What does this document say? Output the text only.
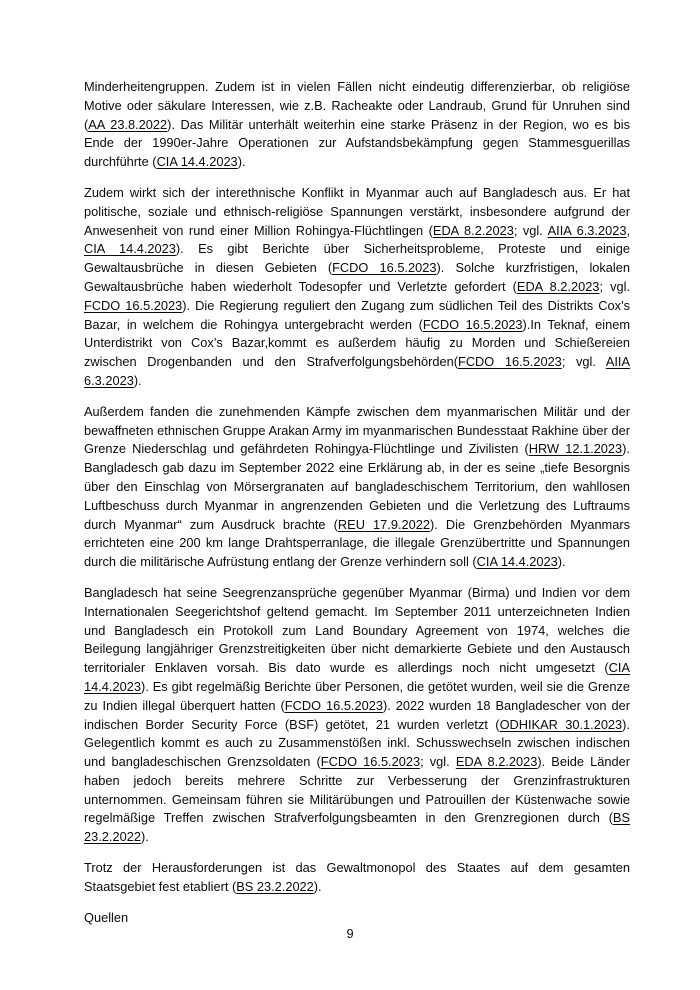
Minderheitengruppen. Zudem ist in vielen Fällen nicht eindeutig differenzierbar, ob religiöse Motive oder säkulare Interessen, wie z.B. Racheakte oder Landraub, Grund für Unruhen sind (AA 23.8.2022). Das Militär unterhält weiterhin eine starke Präsenz in der Region, wo es bis Ende der 1990er-Jahre Operationen zur Aufstandsbekämpfung gegen Stammesguerillas durchführte (CIA 14.4.2023).

Zudem wirkt sich der interethnische Konflikt in Myanmar auch auf Bangladesch aus. Er hat politische, soziale und ethnisch-religiöse Spannungen verstärkt, insbesondere aufgrund der Anwesenheit von rund einer Million Rohingya-Flüchtlingen (EDA 8.2.2023; vgl. AIIA 6.3.2023, CIA 14.4.2023). Es gibt Berichte über Sicherheitsprobleme, Proteste und einige Gewaltausbrüche in diesen Gebieten (FCDO 16.5.2023). Solche kurzfristigen, lokalen Gewaltausbrüche haben wiederholt Todesopfer und Verletzte gefordert (EDA 8.2.2023; vgl. FCDO 16.5.2023). Die Regierung reguliert den Zugang zum südlichen Teil des Distrikts Cox’s Bazar, in welchem die Rohingya untergebracht werden (FCDO 16.5.2023).In Teknaf, einem Unterdistrikt von Cox’s Bazar,kommt es außerdem häufig zu Morden und Schießereien zwischen Drogenbanden und den Strafverfolgungsbehörden(FCDO 16.5.2023; vgl. AIIA 6.3.2023).

Außerdem fanden die zunehmenden Kämpfe zwischen dem myanmarischen Militär und der bewaffneten ethnischen Gruppe Arakan Army im myanmarischen Bundesstaat Rakhine über der Grenze Niederschlag und gefährdeten Rohingya-Flüchtlinge und Zivilisten (HRW 12.1.2023). Bangladesch gab dazu im September 2022 eine Erklärung ab, in der es seine „tiefe Besorgnis über den Einschlag von Mörsergranaten auf bangladeschischem Territorium, den wahllosen Luftbeschuss durch Myanmar in angrenzenden Gebieten und die Verletzung des Luftraums durch Myanmar“ zum Ausdruck brachte (REU 17.9.2022). Die Grenzbehörden Myanmars errichteten eine 200 km lange Drahtsperranlage, die illegale Grenzübertritte und Spannungen durch die militärische Aufrüstung entlang der Grenze verhindern soll (CIA 14.4.2023).

Bangladesch hat seine Seegrenzansprüche gegenüber Myanmar (Birma) und Indien vor dem Internationalen Seegerichtshof geltend gemacht. Im September 2011 unterzeichneten Indien und Bangladesch ein Protokoll zum Land Boundary Agreement von 1974, welches die Beilegung langjähriger Grenzstreitigkeiten über nicht demarkierte Gebiete und den Austausch territorialer Enklaven vorsah. Bis dato wurde es allerdings noch nicht umgesetzt (CIA 14.4.2023). Es gibt regelmäßig Berichte über Personen, die getötet wurden, weil sie die Grenze zu Indien illegal überquert hatten (FCDO 16.5.2023). 2022 wurden 18 Bangladescher von der indischen Border Security Force (BSF) getötet, 21 wurden verletzt (ODHIKAR 30.1.2023). Gelegentlich kommt es auch zu Zusammenstößen inkl. Schusswechseln zwischen indischen und bangladeschischen Grenzsoldaten (FCDO 16.5.2023; vgl. EDA 8.2.2023). Beide Länder haben jedoch bereits mehrere Schritte zur Verbesserung der Grenzinfrastrukturen unternommen. Gemeinsam führen sie Militärübungen und Patrouillen der Küstenwache sowie regelmäßige Treffen zwischen Strafverfolgungsbeamten in den Grenzregionen durch (BS 23.2.2022).

Trotz der Herausforderungen ist das Gewaltmonopol des Staates auf dem gesamten Staatsgebiet fest etabliert (BS 23.2.2022).

Quellen

9
